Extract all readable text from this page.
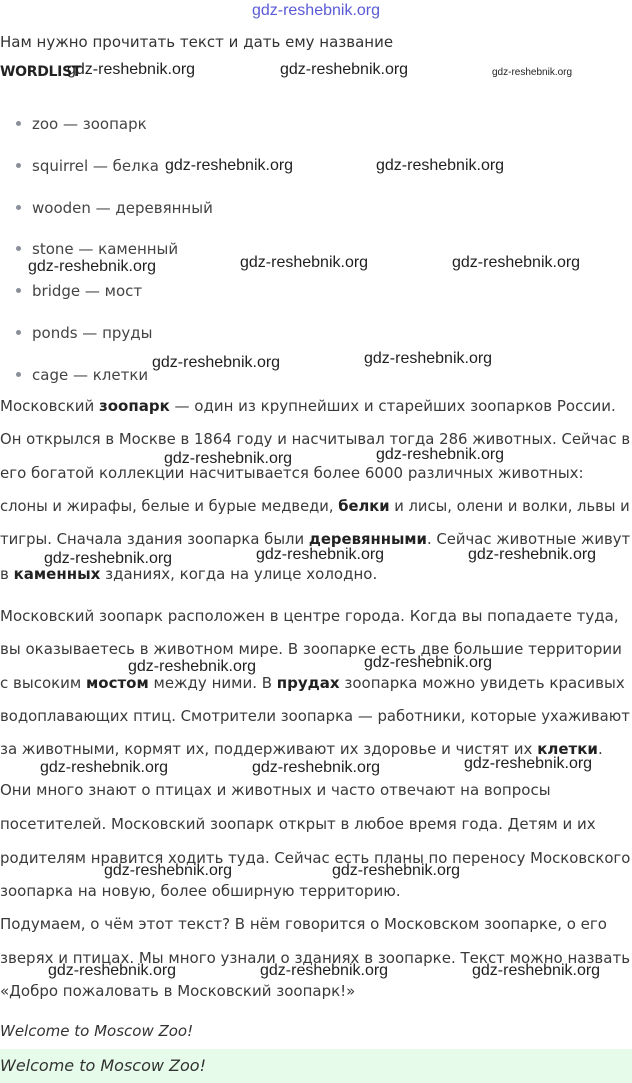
gdz-reshebnik.org
Нам нужно прочитать текст и дать ему название
WORDLIST
zoo — зоопарк
squirrel — белка
wooden — деревянный
stone — каменный
bridge — мост
ponds — пруды
cage — клетки
Московский зоопарк — один из крупнейших и старейших зоопарков России.
Он открылся в Москве в 1864 году и насчитывал тогда 286 животных. Сейчас в
его богатой коллекции насчитывается более 6000 различных животных:
слоны и жирафы, белые и бурые медведи, белки и лисы, олени и волки, львы и
тигры. Сначала здания зоопарка были деревянными. Сейчас животные живут
в каменных зданиях, когда на улице холодно.
Московский зоопарк расположен в центре города. Когда вы попадаете туда,
вы оказываетесь в животном мире. В зоопарке есть две большие территории
с высоким мостом между ними. В прудах зоопарка можно увидеть красивых
водоплавающих птиц. Смотрители зоопарка — работники, которые ухаживают
за животными, кормят их, поддерживают их здоровье и чистят их клетки.
Они много знают о птицах и животных и часто отвечают на вопросы
посетителей. Московский зоопарк открыт в любое время года. Детям и их
родителям нравится ходить туда. Сейчас есть планы по переносу Московского
зоопарка на новую, более обширную территорию.
Подумаем, о чём этот текст? В нём говорится о Московском зоопарке, о его
зверях и птицах. Мы много узнали о зданиях в зоопарке. Текст можно назвать
«Добро пожаловать в Московский зоопарк!»
Welcome to Moscow Zoo!
Welcome to Moscow Zoo!
gdz-reshebnik.org	gdz-reshebnik.org	gdz-reshebnik.org
gdz-reshebnik.org	gdz-reshebnik.org
gdz-reshebnik.org	gdz-reshebnik.org	gdz-reshebnik.org
gdz-reshebnik.org	gdz-reshebnik.org
gdz-reshebnik.org	gdz-reshebnik.org
gdz-reshebnik.org	gdz-reshebnik.org	gdz-reshebnik.org
gdz-reshebnik.org	gdz-reshebnik.org
gdz-reshebnik.org	gdz-reshebnik.org	gdz-reshebnik.org
gdz-reshebnik.org	gdz-reshebnik.org
gdz-reshebnik.org	gdz-reshebnik.org	gdz-reshebnik.org
